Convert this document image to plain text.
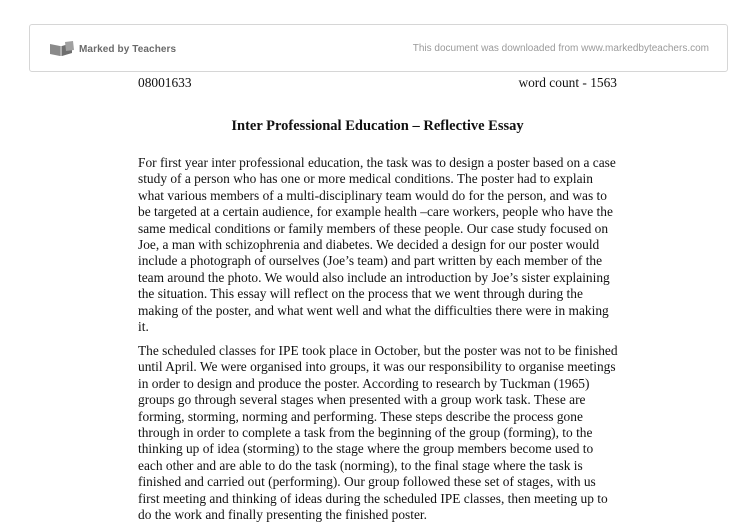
Marked by Teachers	This document was downloaded from www.markedbyteachers.com
08001633	word count - 1563
Inter Professional Education – Reflective Essay
For first year inter professional education, the task was to design a poster based on a case
study of a person who has one or more medical conditions. The poster had to explain
what various members of a multi-disciplinary team would do for the person, and was to
be targeted at a certain audience, for example health –care workers, people who have the
same medical conditions or family members of these people. Our case study focused on
Joe, a man with schizophrenia and diabetes. We decided a design for our poster would
include a photograph of ourselves (Joe’s team) and part written by each member of the
team around the photo. We would also include an introduction by Joe’s sister explaining
the situation. This essay will reflect on the process that we went through during the
making of the poster, and what went well and what the difficulties there were in making
it.
The scheduled classes for IPE took place in October, but the poster was not to be finished
until April. We were organised into groups, it was our responsibility to organise meetings
in order to design and produce the poster. According to research by Tuckman (1965)
groups go through several stages when presented with a group work task. These are
forming, storming, norming and performing. These steps describe the process gone
through in order to complete a task from the beginning of the group (forming), to the
thinking up of idea (storming) to the stage where the group members become used to
each other and are able to do the task (norming), to the final stage where the task is
finished and carried out (performing). Our group followed these set of stages, with us
first meeting and thinking of ideas during the scheduled IPE classes, then meeting up to
do the work and finally presenting the finished poster.
